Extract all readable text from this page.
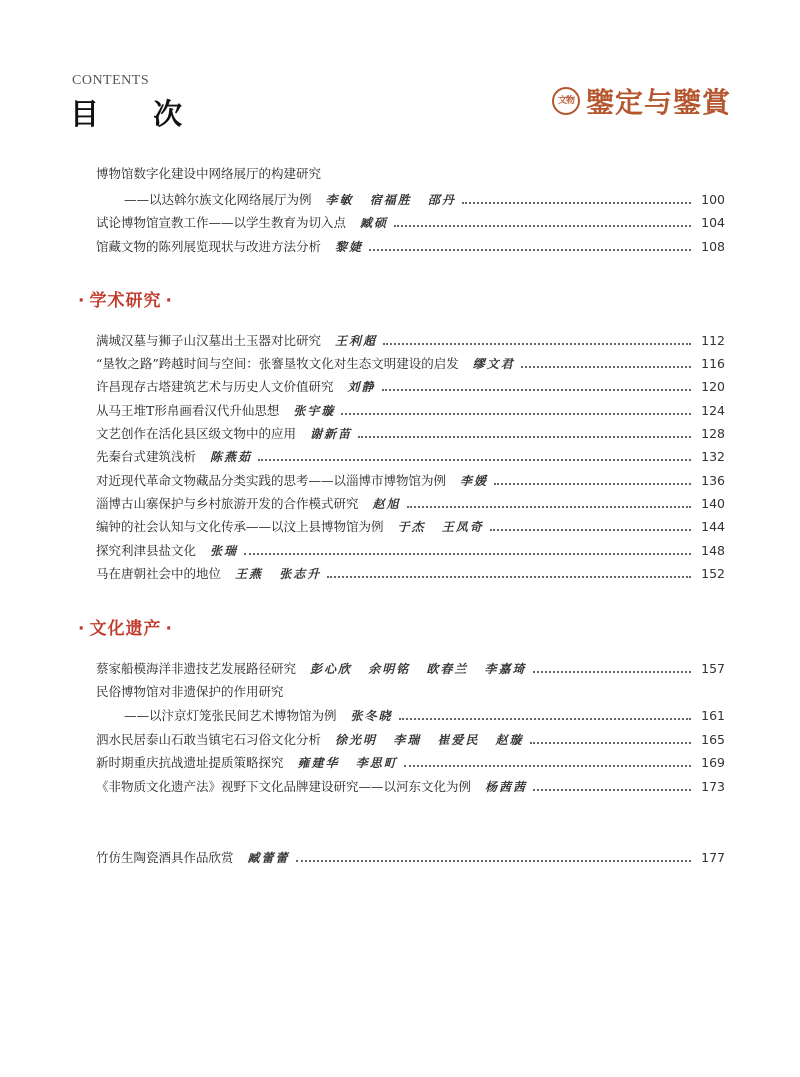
CONTENTS
目 次	文物 鑒定与鑒賞
博物馆数字化建设中网络展厅的构建研究
——以达斡尔族文化网络展厅为例 李敏 宿福胜 邵丹	100
试论博物馆宣教工作——以学生教育为切入点 臧硕	104
馆藏文物的陈列展览现状与改进方法分析 黎婕	108
· 学术研究 ·
满城汉墓与狮子山汉墓出土玉器对比研究 王利超	112
“垦牧之路”跨越时间与空间：张謇垦牧文化对生态文明建设的启发 缪文君	116
许昌现存古塔建筑艺术与历史人文价值研究 刘静	120
从马王堆T形帛画看汉代升仙思想 张宇璇	124
文艺创作在活化县区级文物中的应用 谢新苗	128
先秦台式建筑浅析 陈燕茹	132
对近现代革命文物藏品分类实践的思考——以淄博市博物馆为例 李媛	136
淄博古山寨保护与乡村旅游开发的合作模式研究 赵旭	140
编钟的社会认知与文化传承——以汶上县博物馆为例 于杰 王凤奇	144
探究利津县盐文化 张瑞	148
马在唐朝社会中的地位 王燕 张志升	152
· 文化遗产 ·
蔡家船模海洋非遗技艺发展路径研究 彭心欣 余明铭 欧春兰 李嘉琦	157
民俗博物馆对非遗保护的作用研究
——以汴京灯笼张民间艺术博物馆为例 张冬晓	161
泗水民居泰山石敢当镇宅石习俗文化分析 徐光明 李瑞 崔爱民 赵璇	165
新时期重庆抗战遗址提质策略探究 雍建华 李思町	169
《非物质文化遗产法》视野下文化品牌建设研究——以河东文化为例 杨茜茜	173
竹仿生陶瓷酒具作品欣赏 臧蕾蕾	177
